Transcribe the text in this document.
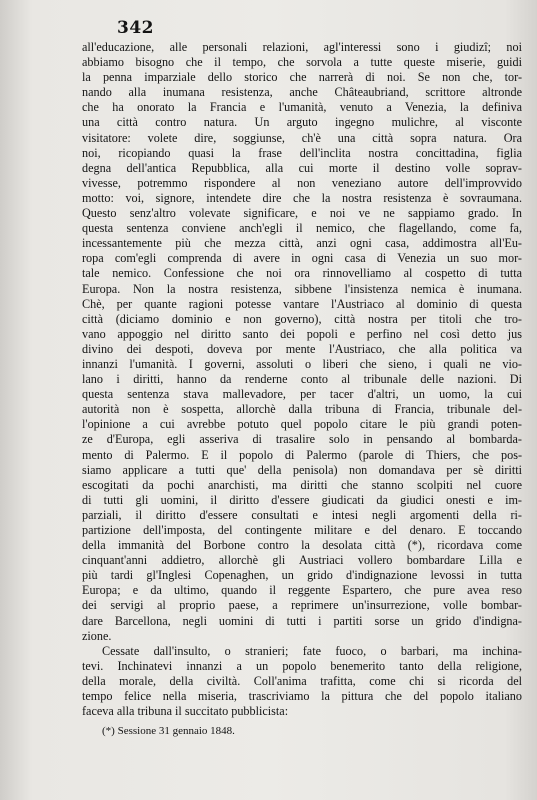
342
all'educazione, alle personali relazioni, agl'interessi sono i giudizî; noi
abbiamo bisogno che il tempo, che sorvola a tutte queste miserie, guidi
la penna imparziale dello storico che narrerà di noi. Se non che, tor-
nando alla inumana resistenza, anche Châteaubriand, scrittore altronde
che ha onorato la Francia e l'umanità, venuto a Venezia, la definiva
una città contro natura. Un arguto ingegno mulichre, al visconte
visitatore: volete dire, soggiunse, ch'è una città sopra natura. Ora
noi, ricopiando quasi la frase dell'inclita nostra concittadina, figlia
degna dell'antica Repubblica, alla cui morte il destino volle soprav-
vivesse, potremmo rispondere al non veneziano autore dell'improvvido
motto: voi, signore, intendete dire che la nostra resistenza è sovraumana.
Questo senz'altro volevate significare, e noi ve ne sappiamo grado. In
questa sentenza conviene anch'egli il nemico, che flagellando, come fa,
incessantemente più che mezza città, anzi ogni casa, addimostra all'Eu-
ropa com'egli comprenda di avere in ogni casa di Venezia un suo mor-
tale nemico. Confessione che noi ora rinnovelliamo al cospetto di tutta
Europa. Non la nostra resistenza, sibbene l'insistenza nemica è inumana.
Chè, per quante ragioni potesse vantare l'Austriaco al dominio di questa
città (diciamo dominio e non governo), città nostra per titoli che tro-
vano appoggio nel diritto santo dei popoli e perfino nel così detto jus
divino dei despoti, doveva por mente l'Austriaco, che alla politica va
innanzi l'umanità. I governi, assoluti o liberi che sieno, i quali ne vio-
lano i diritti, hanno da renderne conto al tribunale delle nazioni. Di
questa sentenza stava mallevadore, per tacer d'altri, un uomo, la cui
autorità non è sospetta, allorchè dalla tribuna di Francia, tribunale del-
l'opinione a cui avrebbe potuto quel popolo citare le più grandi poten-
ze d'Europa, egli asseriva di trasalire solo in pensando al bombarda-
mento di Palermo. E il popolo di Palermo (parole di Thiers, che pos-
siamo applicare a tutti que' della penisola) non domandava per sè diritti
escogitati da pochi anarchisti, ma diritti che stanno scolpiti nel cuore
di tutti gli uomini, il diritto d'essere giudicati da giudici onesti e im-
parziali, il diritto d'essere consultati e intesi negli argomenti della ri-
partizione dell'imposta, del contingente militare e del denaro. E toccando
della immanità del Borbone contro la desolata città (*), ricordava come
cinquant'anni addietro, allorchè gli Austriaci vollero bombardare Lilla e
più tardi gl'Inglesi Copenaghen, un grido d'indignazione levossi in tutta
Europa; e da ultimo, quando il reggente Espartero, che pure avea reso
dei servigi al proprio paese, a reprimere un'insurrezione, volle bombar-
dare Barcellona, negli uomini di tutti i partiti sorse un grido d'indigna-
zione.
Cessate dall'insulto, o stranieri; fate fuoco, o barbari, ma inchina-
tevi. Inchinatevi innanzi a un popolo benemerito tanto della religione,
della morale, della civiltà. Coll'anima trafitta, come chi si ricorda del
tempo felice nella miseria, trascriviamo la pittura che del popolo italiano
faceva alla tribuna il succitato pubblicista:
(*) Sessione 31 gennaio 1848.
